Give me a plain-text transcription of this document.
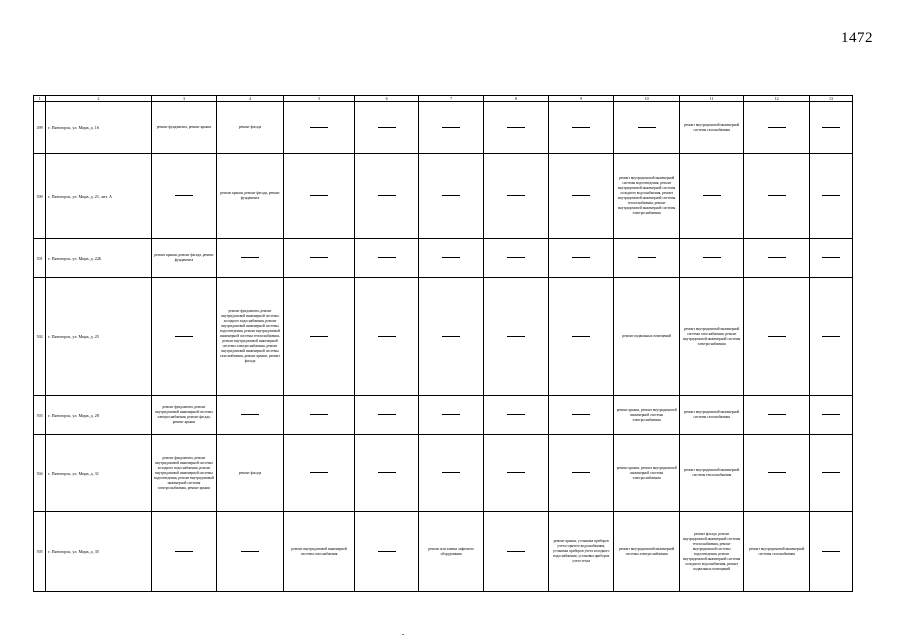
1472
1	2	3	4	5	6	7	8	9	10	11	12	13
499	г. Пятигорск, ул. Мира, д. 16	ремонт фундамента, ремонт крыши	ремонт фасада							ремонт внутридомовой инженерной системы газоснабжения		
500	г. Пятигорск, ул. Мира, д. 21, лит. А		ремонт крыши, ремонт фасада, ремонт фундамента						ремонт внутридомовой инженерной системы водоотведения, ремонт внутридомовой инженерной системы холодного водоснабжения, ремонт внутридомовой инженерной системы теплоснабжения, ремонт внутридомовой инженерной системы электроснабжения			
501	г. Пятигорск, ул. Мира, д. 22Б	ремонт крыши, ремонт фасада, ремонт фундамента										
502	г. Пятигорск, ул. Мира, д. 25		ремонт фундамента, ремонт внутридомовой инженерной системы холодного водоснабжения, ремонт внутридомовой инженерной системы водоотведения, ремонт внутридомовой инженерной системы теплоснабжения, ремонт внутридомовой инженерной системы электроснабжения, ремонт внутридомовой инженерной системы газоснабжения, ремонт крыши, ремонт фасада						ремонт подвальных помещений	ремонт внутридомовой инженерной системы газоснабжения, ремонт внутридомовой инженерной системы электроснабжения		
503	г. Пятигорск, ул. Мира, д. 28	ремонт фундамента, ремонт внутридомовой инженерной системы электроснабжения, ремонт фасада, ремонт крыши							ремонт крыши, ремонт внутридомовой инженерной системы электроснабжения	ремонт внутридомовой инженерной системы газоснабжения		
504	г. Пятигорск, ул. Мира, д. 31	ремонт фундамента, ремонт внутридомовой инженерной системы холодного водоснабжения, ремонт внутридомовой инженерной системы водоотведения, ремонт внутридомовой инженерной системы электроснабжения, ремонт крыши	ремонт фасада						ремонт крыши, ремонт внутридомовой инженерной системы электроснабжения	ремонт внутридомовой инженерной системы теплоснабжения		
505	г. Пятигорск, ул. Мира, д. 35			ремонт внутридомовой инженерной системы газоснабжения		ремонт или замена лифтового оборудования		ремонт крыши, установка приборов учета горячего водоснабжения, установка приборов учета холодного водоснабжения, установка приборов учета тепла	ремонт внутридомовой инженерной системы электроснабжения	ремонт фасада, ремонт внутридомовой инженерной системы теплоснабжения, ремонт внутридомовой системы водоотведения, ремонт внутридомовой инженерной системы холодного водоснабжения, ремонт подвальных помещений	ремонт внутридомовой инженерной системы газоснабжения	
